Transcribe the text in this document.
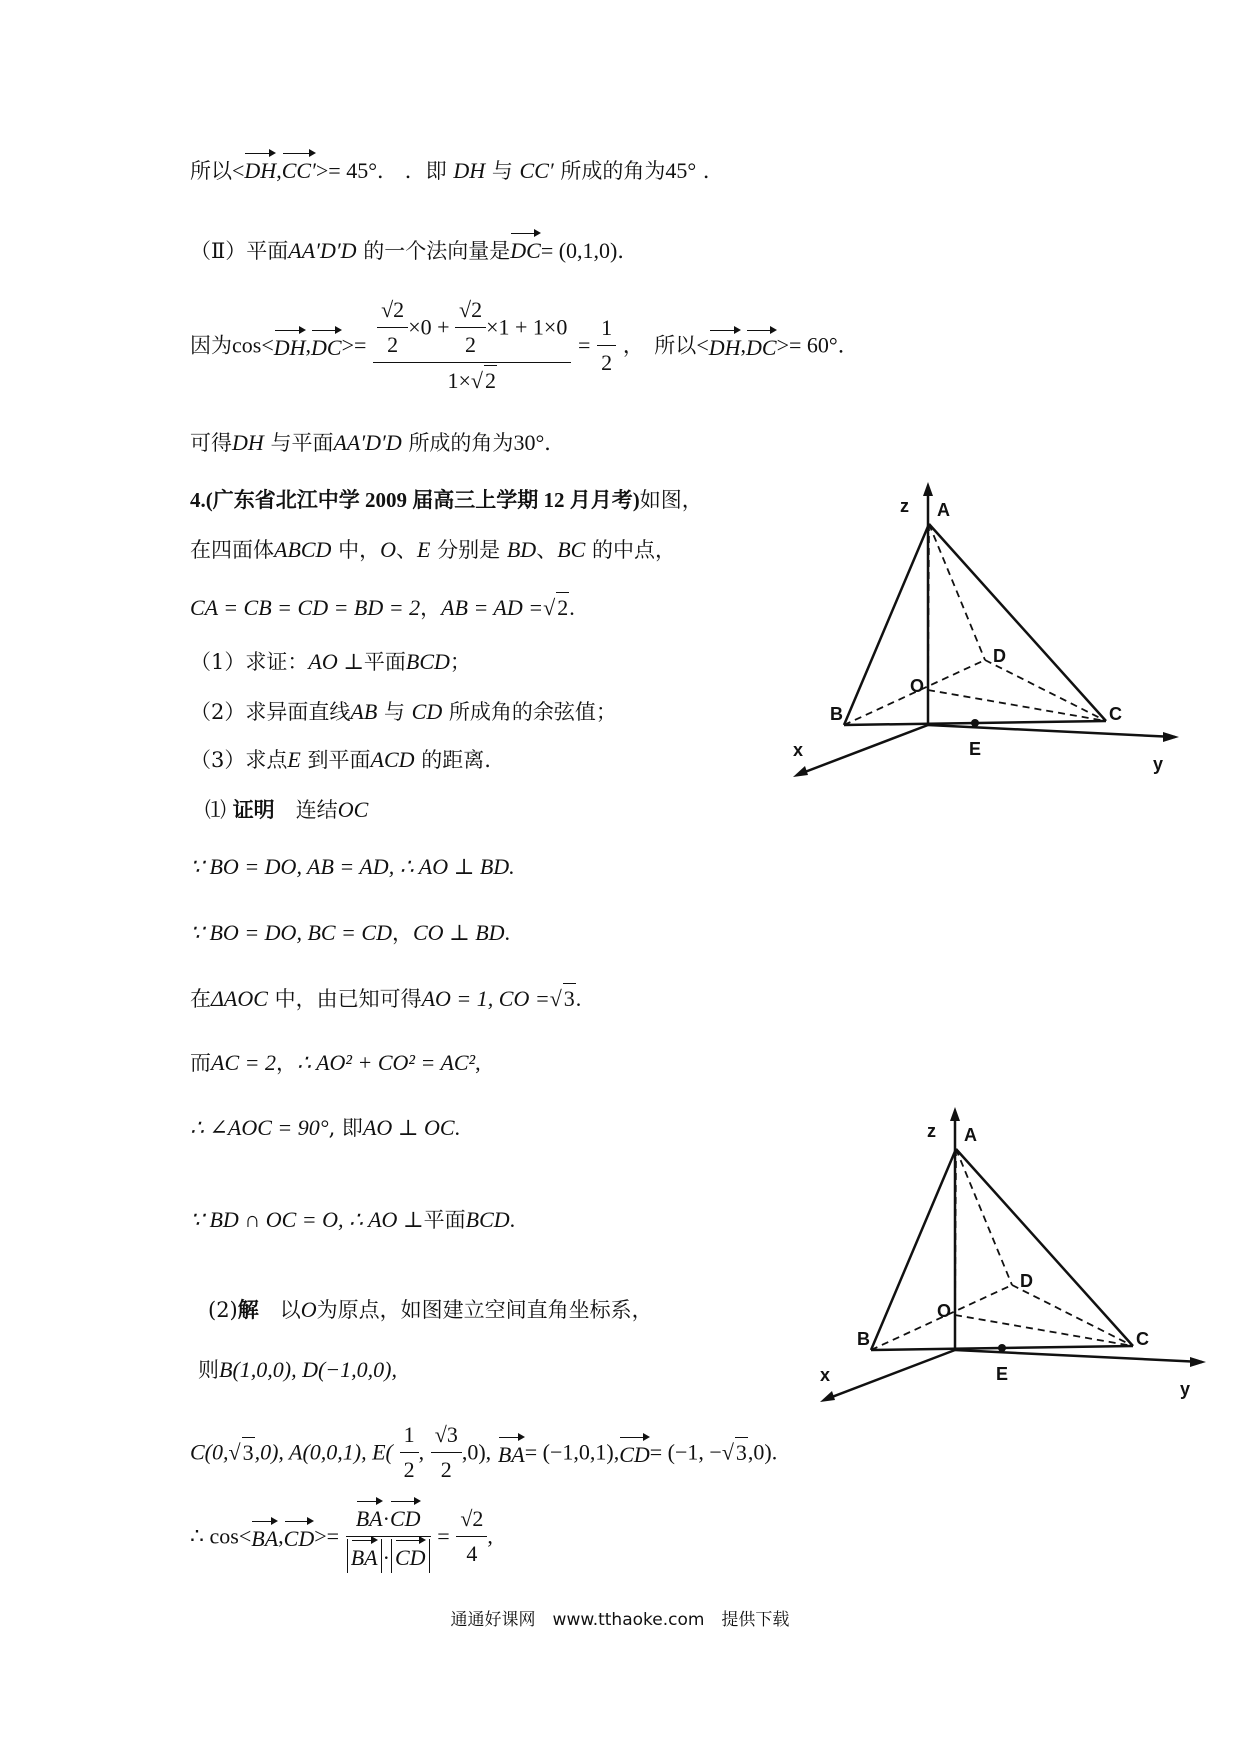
所以<DH,CC′>= 45°． ．即 DH 与 CC′ 所成的角为45° ．
（Ⅱ）平面AA′D′D 的一个法向量是DC= (0,1,0)．
因为$\cos<DH,DC>= \frac{\frac{√2}{2} \times 0 + \frac{√2}{2} \times 1 + 1\times 0}{1\times√2} = \frac{1}{2}$ ，　所以<DH,DC>= 60°．
可得DH 与平面AA′D′D 所成的角为30°．
4.(广东省北江中学 2009 届高三上学期 12 月月考)如图，
在四面体ABCD 中，O、E 分别是 BD、BC 的中点，
CA = CB = CD = BD = 2，AB = AD =√2.
（1）求证：AO ⊥平面BCD；
（2）求异面直线AB 与 CD 所成角的余弦值；
（3）求点E 到平面ACD 的距离.
⑴ 证明　 连结OC
∵ BO = DO, AB = AD, ∴ AO ⊥ BD.
∵ BO = DO, BC = CD，CO ⊥ BD.
在ΔAOC 中，由已知可得AO = 1, CO =√3.
而AC = 2，∴ AO² + CO² = AC²,
∴ ∠AOC = 90°, 即AO ⊥ OC.
∵ BD ∩ OC = O, ∴ AO ⊥平面BCD.
(2)解　 以O为原点，如图建立空间直角坐标系，
则B(1,0,0), D(−1,0,0),
C(0,√3,0), A(0,0,1), $E( \frac{1}{2}$ , $\frac{√3}{2} ,0$), BA= (−1,0,1),CD= (−1, −√3,0).
∴ $\cos<BA,CD>= \frac{BA\cdot CD}{BA \cdot CD} = \frac{√2}{4}$ ,
z A
D
O
B	C
x	E
y
z A
D
O
B	C
x	E
y
通通好课网　www.tthaoke.com　提供下载
